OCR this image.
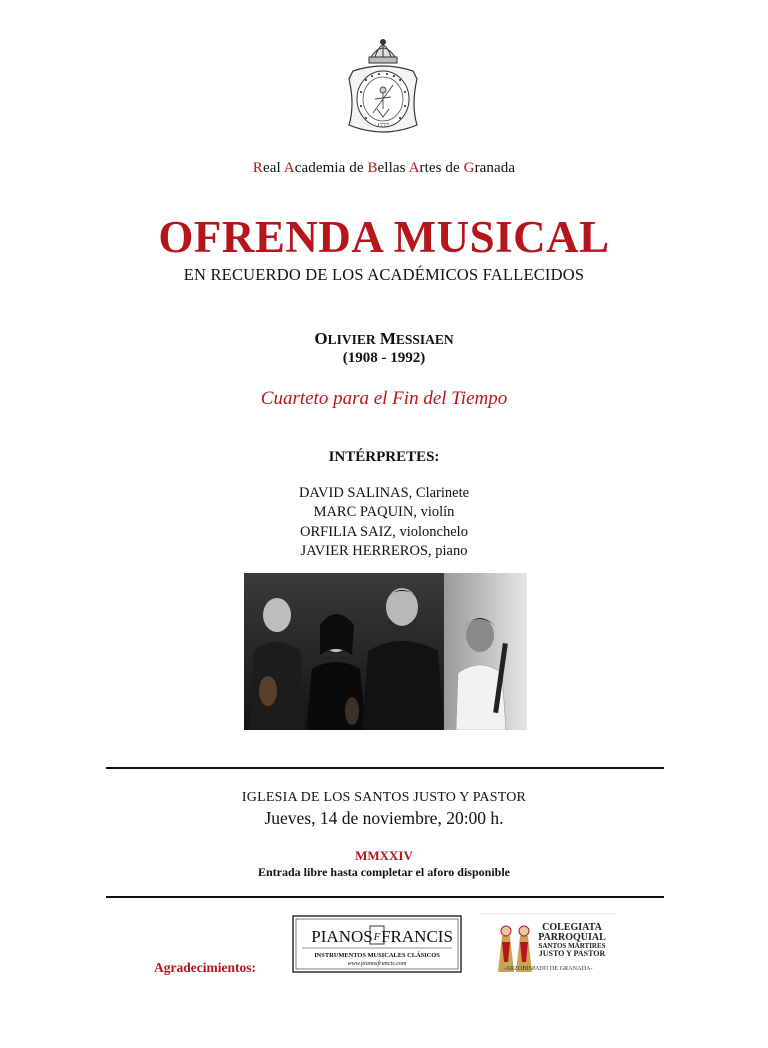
1777
Real Academia de Bellas Artes de Granada
OFRENDA MUSICAL
EN RECUERDO DE LOS ACADÉMICOS FALLECIDOS
OLIVIER MESSIAEN
(1908 - 1992)
Cuarteto para el Fin del Tiempo
INTÉRPRETES:
DAVID SALINAS, Clarinete
MARC PAQUIN, violín
ORFILIA SAIZ, violonchelo
JAVIER HERREROS, piano
IGLESIA DE LOS SANTOS JUSTO Y PASTOR
Jueves, 14 de noviembre, 20:00 h.
MMXXIV
Entrada libre hasta completar el aforo disponible
Agradecimientos:
PIANOS F FRANCIS
INSTRUMENTOS MUSICALES CLÁSICOS
www.pianosfrancis.com
COLEGIATA
PARROQUIAL
SANTOS MÁRTIRES
JUSTO Y PASTOR
-ARZOBISPADO DE GRANADA-
